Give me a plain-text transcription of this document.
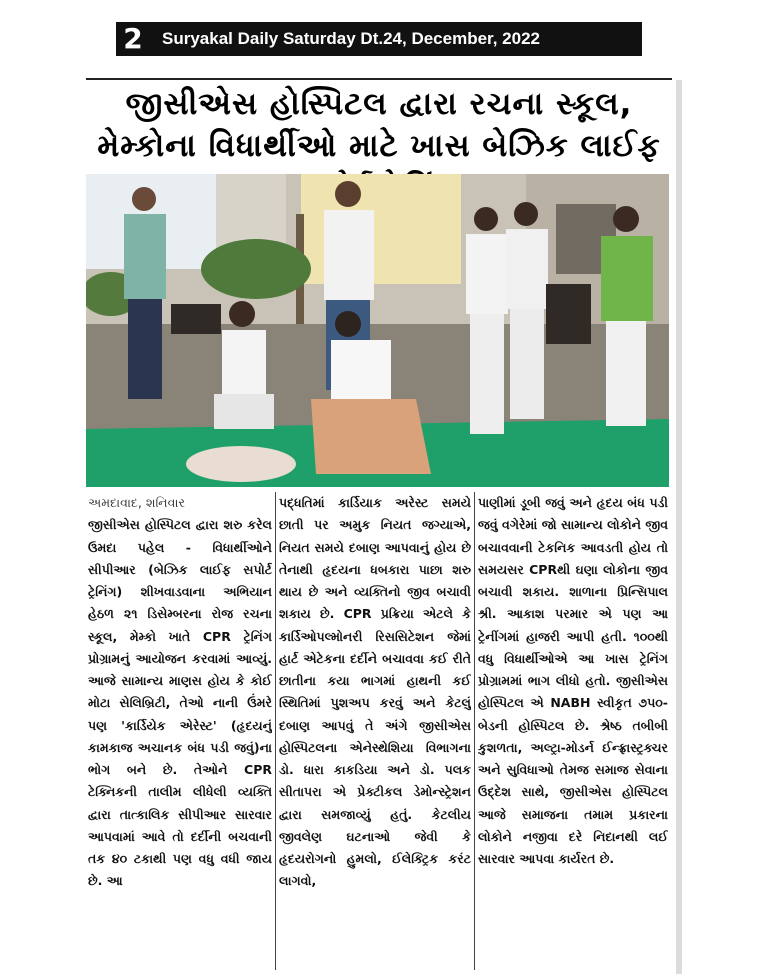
2	Suryakal Daily Saturday Dt.24, December, 2022
જીસીએસ હોસ્પિટલ દ્વારા રચના સ્કૂલ, મેમ્કોના વિધાર્થીઓ માટે ખાસ બેઝિક લાઈફ
અમદાવાદ, શનિવાર
જીસીએસ હોસ્પિટલ દ્વારા શરુ કરેલ ઉમદા પહેલ - વિધાર્થીઓને સીપીઆર (બેઝિક લાઈફ સપોર્ટ ટ્રેનિંગ) શીખવાડવાના અભિયાન હેઠળ ૨૧ ડિસેમ્બરના રોજ રચના સ્કૂલ, મેમ્કો ખાતે CPR ટ્રેનિંગ પ્રોગ્રામનું આયોજન કરવામાં આવ્યું. આજે સામાન્ય માણસ હોય કે કોઈ મોટા સેલિબ્રિટી, તેઓ નાની ઉંમરે પણ 'કાર્ડિયેક એરેસ્ટ' (હૃદયનું કામકાજ અચાનક બંધ પડી જવું)ના ભોગ બને છે. તેઓને CPR ટેક્નિકની તાલીમ લીધેલી વ્યક્તિ દ્વારા તાત્કાલિક સીપીઆર સારવાર આપવામાં આવે તો દર્દીની બચવાની તક ૪૦ ટકાથી પણ વધુ વધી જાય છે. આ
પદ્ધતિમાં કાર્ડિયાક અરેસ્ટ સમયે છાતી પર અમુક નિયત જગ્યાએ, નિયત સમયે દબાણ આપવાનું હોય છે તેનાથી હૃદયના ધબકારા પાછા શરુ થાય છે અને વ્યક્તિનો જીવ બચાવી શકાય છે. CPR પ્રક્રિયા એટલે કે કાર્ડિઓપલ્મોનરી રિસસિટેશન જેમાં હાર્ટ એટેકના દર્દીને બચાવવા કઈ રીતે છાતીના કયા ભાગમાં હાથની કઈ સ્થિતિમાં પુશઅપ કરવું અને કેટલું દબાણ આપવું તે અંગે જીસીએસ હોસ્પિટલના એનેસ્થેશિયા વિભાગના ડો. ધારા કાકડિયા અને ડો. પલક સીતાપરા એ પ્રેક્ટીકલ ડેમોન્સ્ટ્રેશન દ્વારા સમજાવ્યું હતું. કેટલીય જીવલેણ ઘટનાઓ જેવી કે હૃદયરોગનો હુમલો, ઈલેક્ટ્રિક કરંટ લાગવો,
પાણીમાં ડૂબી જવું અને હૃદય બંધ પડી જવું વગેરેમાં જો સામાન્ય લોકોને જીવ બચાવવાની ટેકનિક આવડતી હોય તો સમયસર CPRથી ઘણા લોકોના જીવ બચાવી શકાય. શાળાના પ્રિન્સિપાલ શ્રી. આકાશ પરમાર એ પણ આ ટ્રેનીંગમાં હાજરી આપી હતી. ૧૦૦થી વધુ વિધાર્થીઓએ આ ખાસ ટ્રેનિંગ પ્રોગ્રામમાં ભાગ લીધો હતો. જીસીએસ હોસ્પિટલ એ NABH સ્વીકૃત ૭૫૦-બેડની હોસ્પિટલ છે. શ્રેષ્ઠ તબીબી કુશળતા, અલ્ટ્રા-મોડર્ન ઈન્ફ્રાસ્ટ્રક્ચર અને સુવિધાઓ તેમજ સમાજ સેવાના ઉદ્દેશ સાથે, જીસીએસ હોસ્પિટલ આજે સમાજના તમામ પ્રકારના લોકોને નજીવા દરે નિદાનથી લઈ સારવાર આપવા કાર્યરત છે.
